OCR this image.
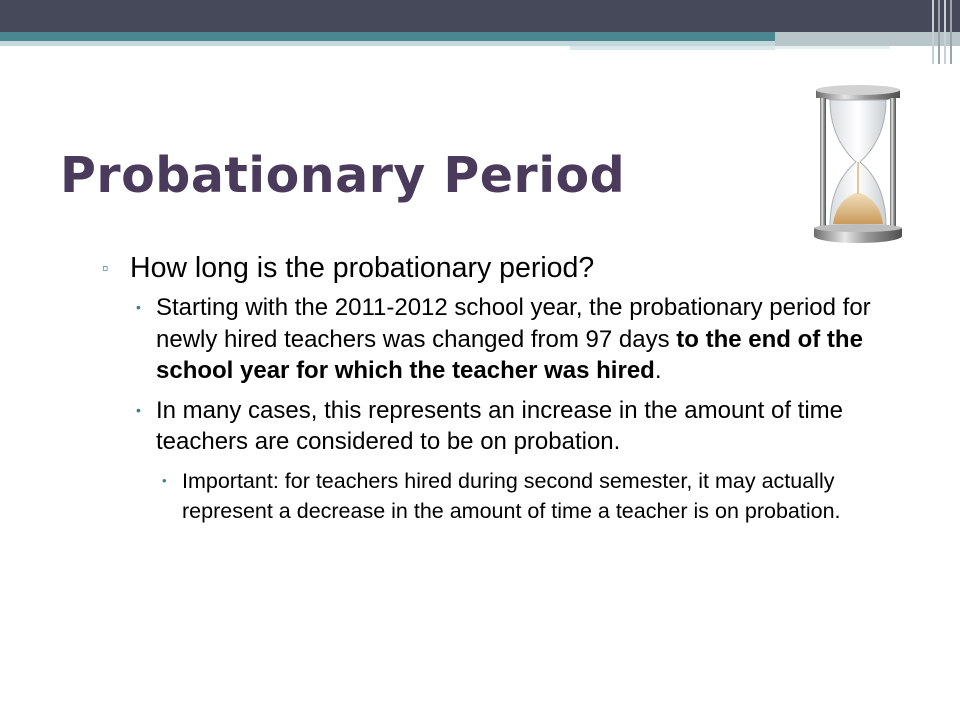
Probationary Period
▫ How long is the probationary period?
• Starting with the 2011-2012 school year, the probationary period for newly hired teachers was changed from 97 days to the end of the school year for which the teacher was hired.
• In many cases, this represents an increase in the amount of time teachers are considered to be on probation.
• Important: for teachers hired during second semester, it may actually represent a decrease in the amount of time a teacher is on probation.
